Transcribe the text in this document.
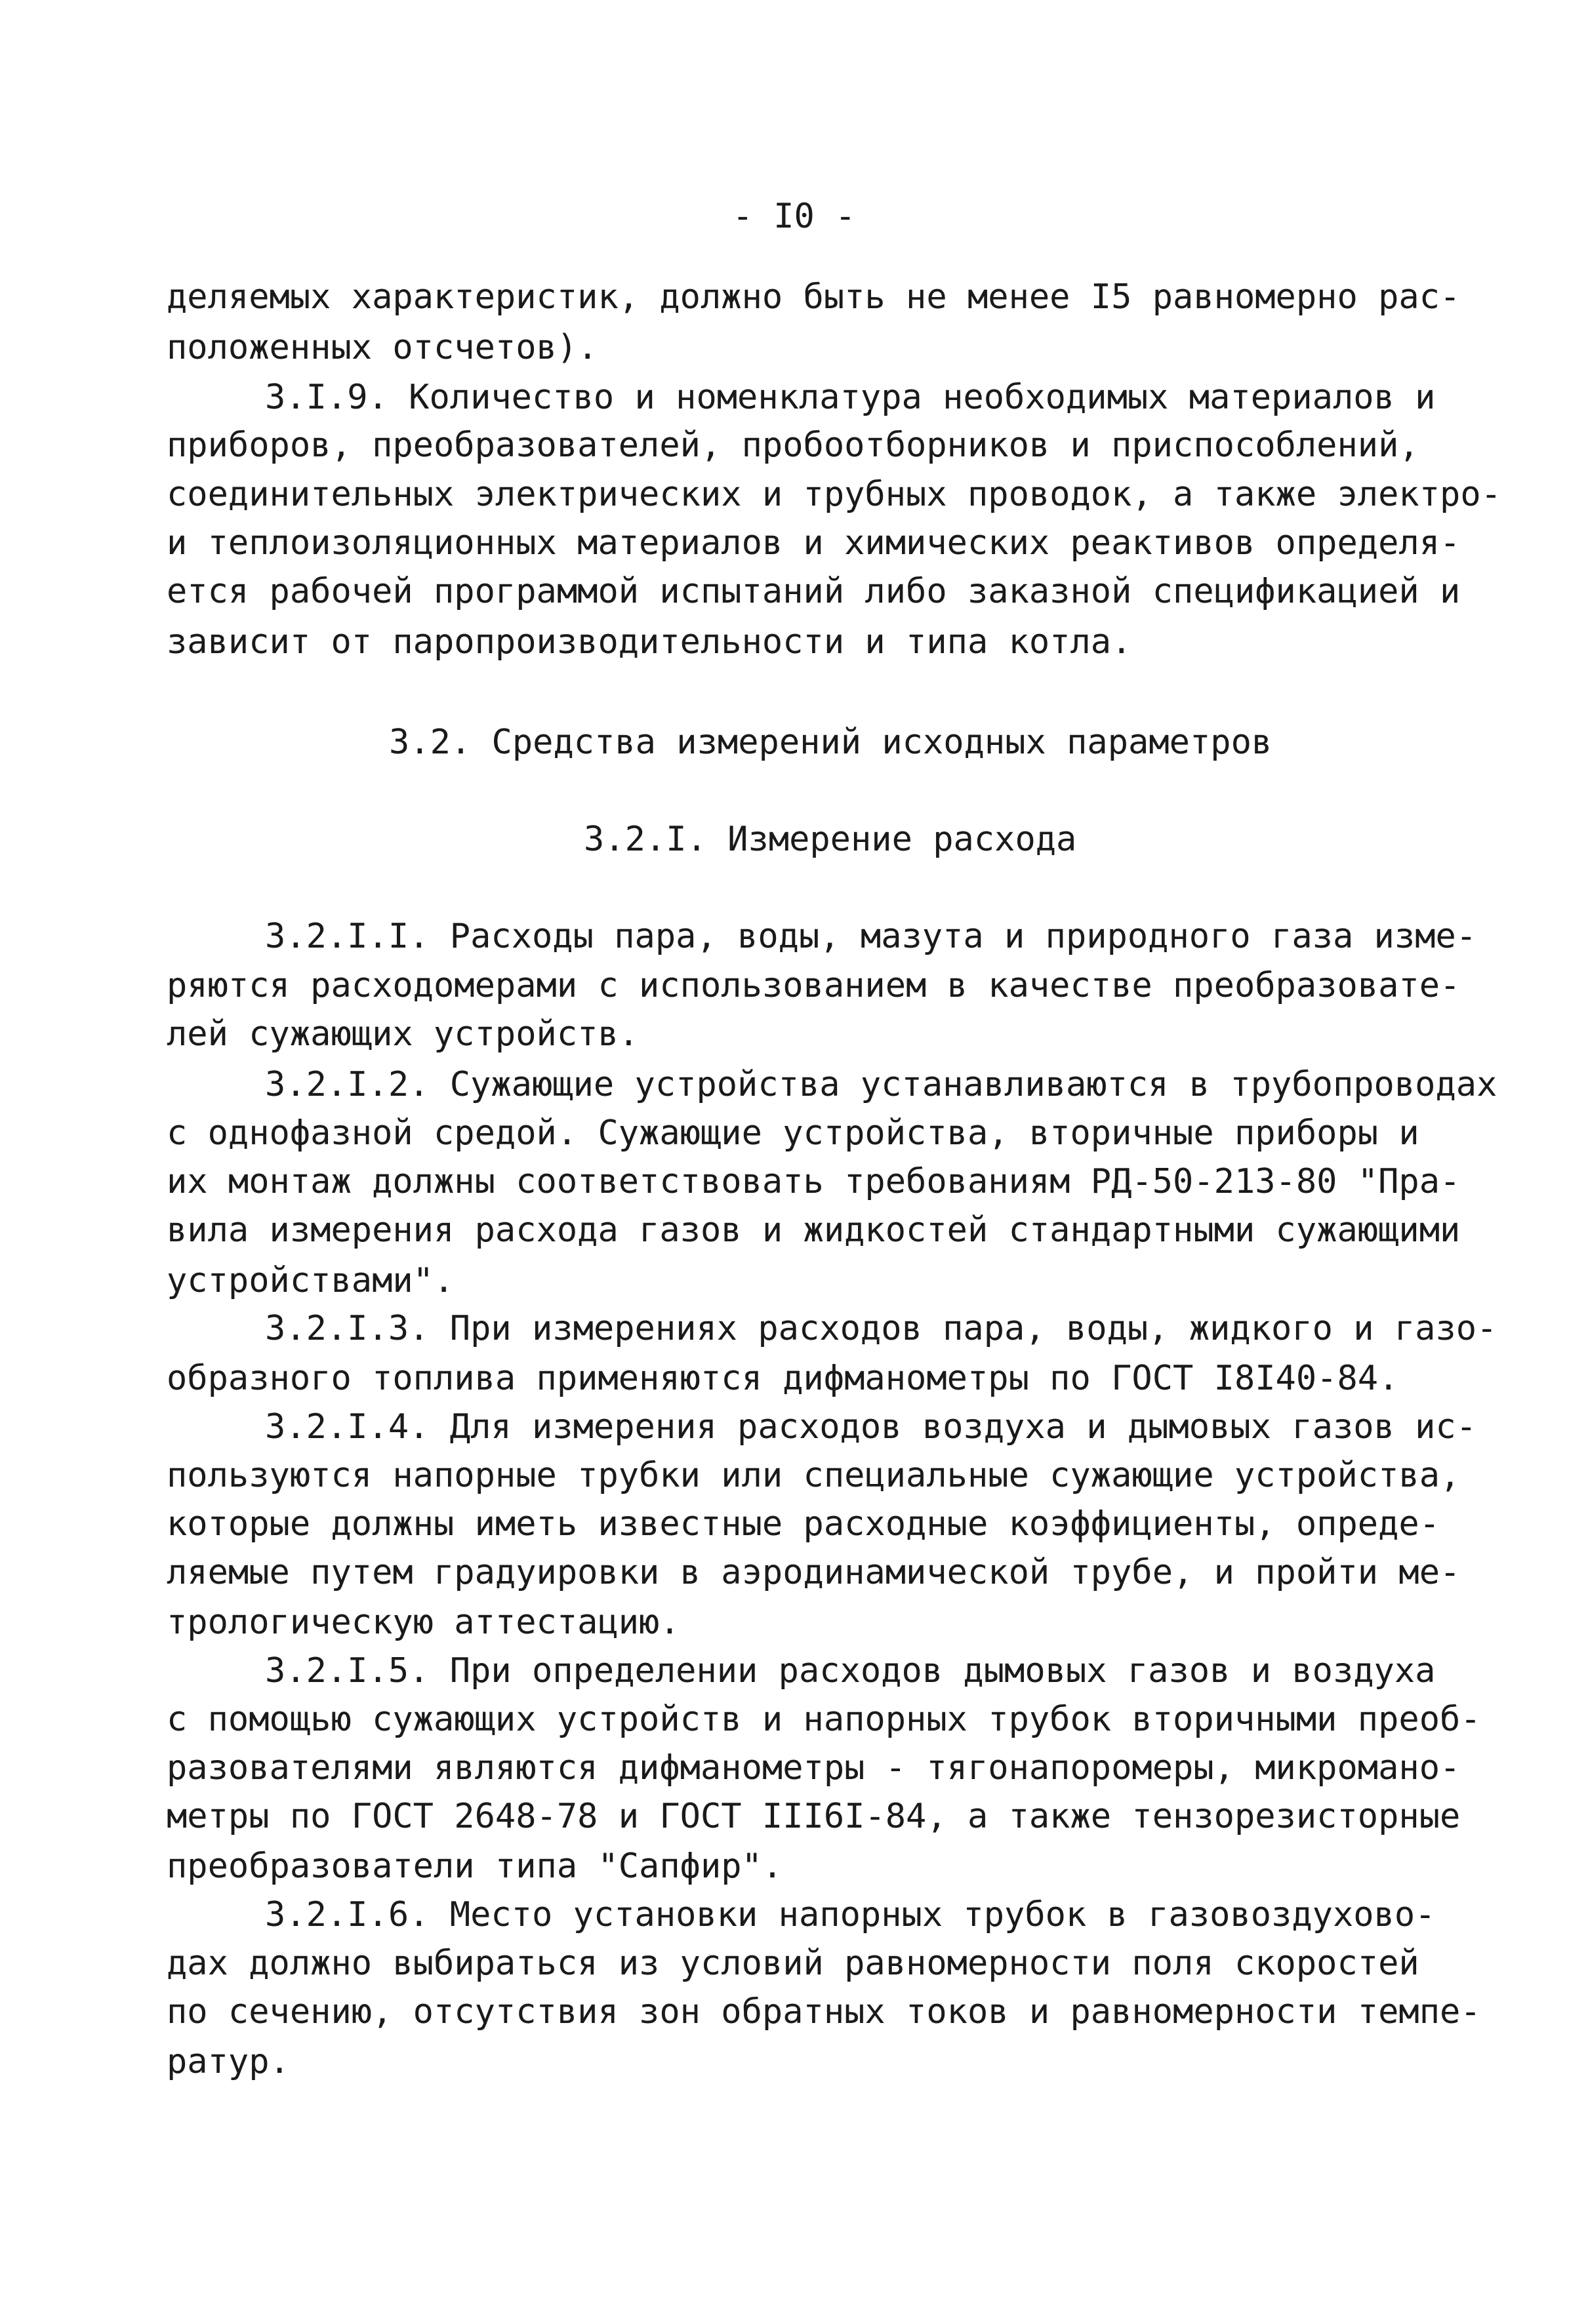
- I0 -
деляемых характеристик, должно быть не менее I5 равномерно рас-
положенных отсчетов).
3.I.9. Количество и номенклатура необходимых материалов и
приборов, преобразователей, пробоотборников и приспособлений,
соединительных электрических и трубных проводок, а также электро-
и теплоизоляционных материалов и химических реактивов определя-
ется рабочей программой испытаний либо заказной спецификацией и
зависит от паропроизводительности и типа котла.
3.2. Средства измерений исходных параметров
3.2.I. Измерение расхода
3.2.I.I. Расходы пара, воды, мазута и природного газа изме-
ряются расходомерами с использованием в качестве преобразовате-
лей сужающих устройств.
3.2.I.2. Сужающие устройства устанавливаются в трубопроводах
с однофазной средой. Сужающие устройства, вторичные приборы и
их монтаж должны соответствовать требованиям РД-50-213-80 "Пра-
вила измерения расхода газов и жидкостей стандартными сужающими
устройствами".
3.2.I.3. При измерениях расходов пара, воды, жидкого и газо-
образного топлива применяются дифманометры по ГОСТ I8I40-84.
3.2.I.4. Для измерения расходов воздуха и дымовых газов ис-
пользуются напорные трубки или специальные сужающие устройства,
которые должны иметь известные расходные коэффициенты, опреде-
ляемые путем градуировки в аэродинамической трубе, и пройти ме-
трологическую аттестацию.
3.2.I.5. При определении расходов дымовых газов и воздуха
с помощью сужающих устройств и напорных трубок вторичными преоб-
разователями являются дифманометры - тягонапоромеры, микромано-
метры по ГОСТ 2648-78 и ГОСТ III6I-84, а также тензорезисторные
преобразователи типа "Сапфир".
3.2.I.6. Место установки напорных трубок в газовоздухово-
дах должно выбираться из условий равномерности поля скоростей
по сечению, отсутствия зон обратных токов и равномерности темпе-
ратур.
